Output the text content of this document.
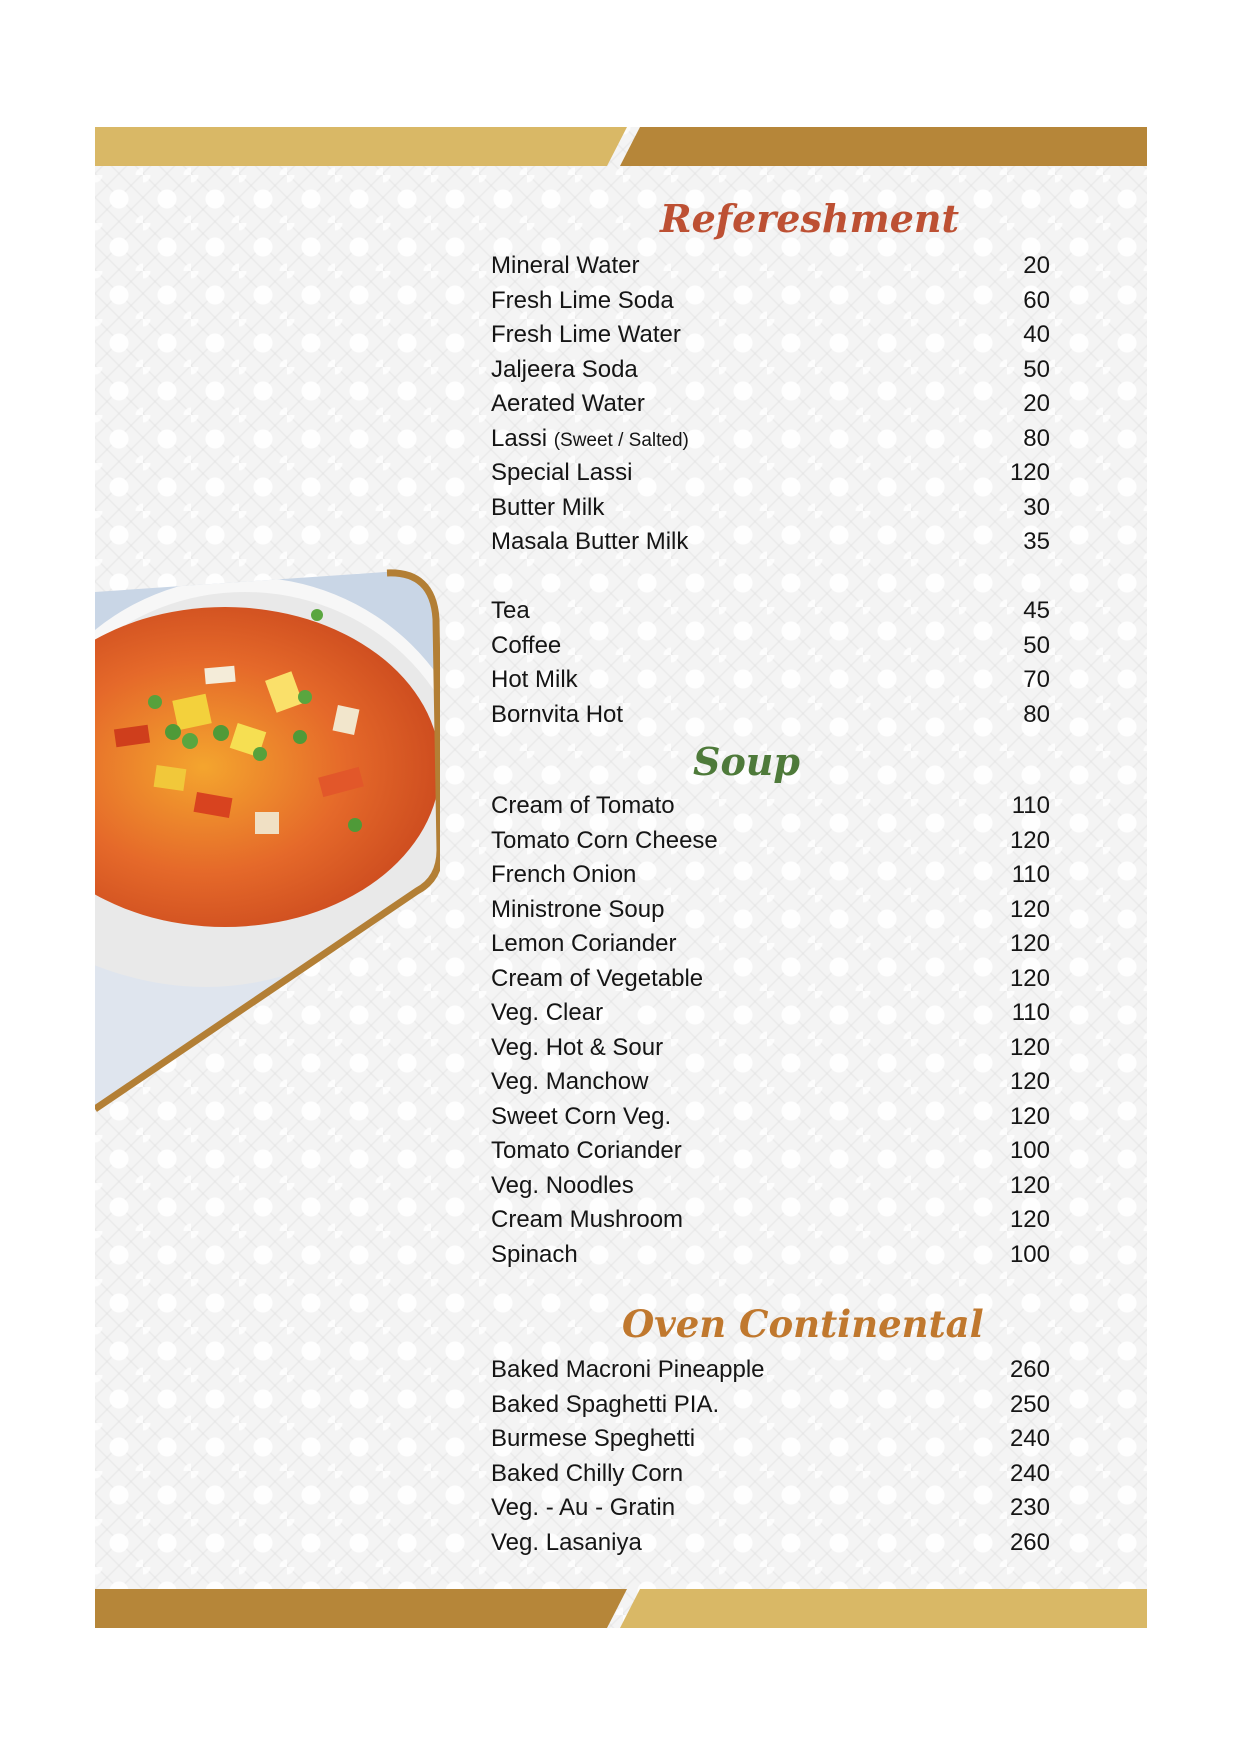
Refereshment
Mineral Water	20
Fresh Lime Soda	60
Fresh Lime Water	40
Jaljeera Soda	50
Aerated Water	20
Lassi (Sweet / Salted)	80
Special Lassi	120
Butter Milk	30
Masala Butter Milk	35
Tea	45
Coffee	50
Hot Milk	70
Bornvita Hot	80
Soup
Cream of Tomato	110
Tomato Corn Cheese	120
French Onion	110
Ministrone Soup	120
Lemon Coriander	120
Cream of Vegetable	120
Veg. Clear	110
Veg. Hot & Sour	120
Veg. Manchow	120
Sweet Corn Veg.	120
Tomato Coriander	100
Veg. Noodles	120
Cream Mushroom	120
Spinach	100
Oven Continental
Baked Macroni Pineapple	260
Baked Spaghetti PIA.	250
Burmese Speghetti	240
Baked Chilly Corn	240
Veg. - Au - Gratin	230
Veg. Lasaniya	260
